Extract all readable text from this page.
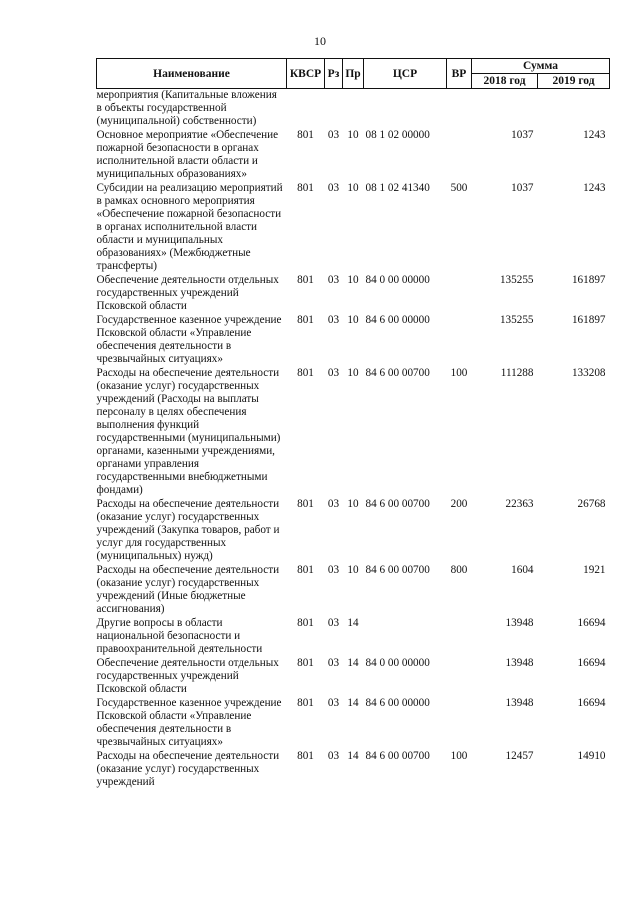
10
Наименование	КВСР	Рз	Пр	ЦСР	ВР	Сумма	
						2018 год	2019 год
мероприятия (Капитальные вложения в объекты государственной (муниципальной) собственности)							
Основное мероприятие «Обеспечение пожарной безопасности в органах исполнительной власти области и муниципальных образованиях»	801	03	10	08 1 02 00000		1037	1243
Субсидии на реализацию мероприятий в рамках основного мероприятия «Обеспечение пожарной безопасности в органах исполнительной власти области и муниципальных образованиях» (Межбюджетные трансферты)	801	03	10	08 1 02 41340	500	1037	1243
Обеспечение деятельности отдельных государственных учреждений Псковской области	801	03	10	84 0 00 00000		135255	161897
Государственное казенное учреждение Псковской области «Управление обеспечения деятельности в чрезвычайных ситуациях»	801	03	10	84 6 00 00000		135255	161897
Расходы на обеспечение деятельности (оказание услуг) государственных учреждений (Расходы на выплаты персоналу в целях обеспечения выполнения функций государственными (муниципальными) органами, казенными учреждениями, органами управления государственными внебюджетными фондами)	801	03	10	84 6 00 00700	100	111288	133208
Расходы на обеспечение деятельности (оказание услуг) государственных учреждений (Закупка товаров, работ и услуг для государственных (муниципальных) нужд)	801	03	10	84 6 00 00700	200	22363	26768
Расходы на обеспечение деятельности (оказание услуг) государственных учреждений (Иные бюджетные ассигнования)	801	03	10	84 6 00 00700	800	1604	1921
Другие вопросы в области национальной безопасности и правоохранительной деятельности	801	03	14			13948	16694
Обеспечение деятельности отдельных государственных учреждений Псковской области	801	03	14	84 0 00 00000		13948	16694
Государственное казенное учреждение Псковской области «Управление обеспечения деятельности в чрезвычайных ситуациях»	801	03	14	84 6 00 00000		13948	16694
Расходы на обеспечение деятельности (оказание услуг) государственных учреждений	801	03	14	84 6 00 00700	100	12457	14910
